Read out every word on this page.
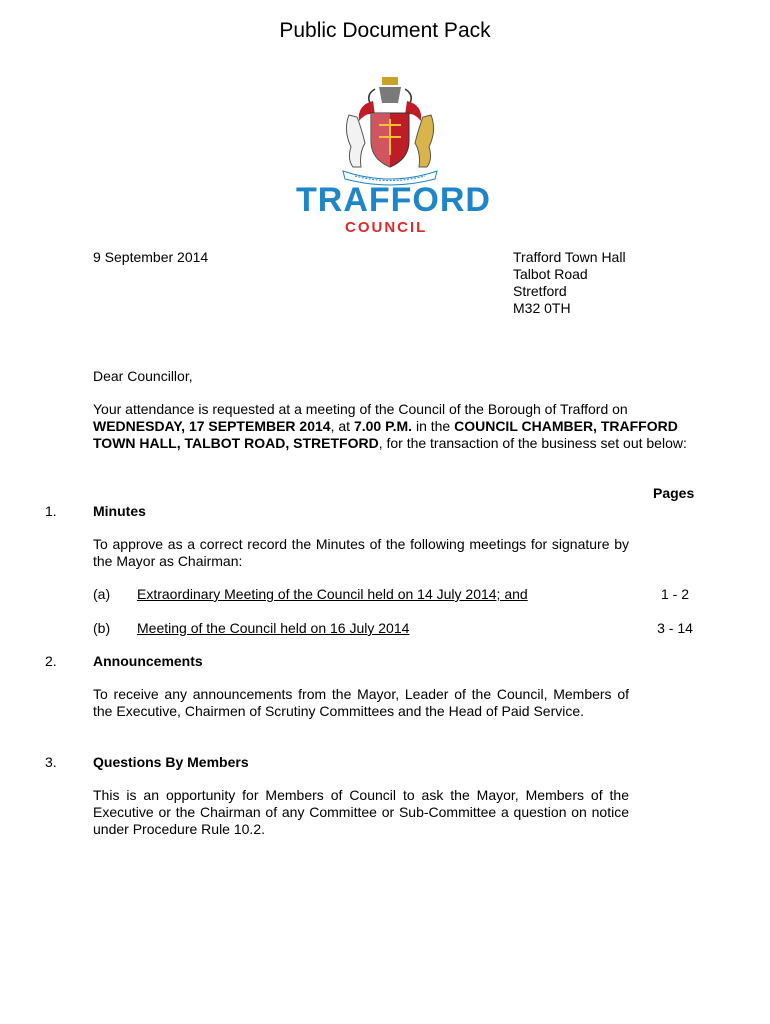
Public Document Pack
TRAFFORD
COUNCIL
9 September 2014	Trafford Town Hall
Talbot Road
Stretford
M32 0TH
Dear Councillor,
Your attendance is requested at a meeting of the Council of the Borough of Trafford on WEDNESDAY, 17 SEPTEMBER 2014, at 7.00 P.M. in the COUNCIL CHAMBER, TRAFFORD TOWN HALL, TALBOT ROAD, STRETFORD, for the transaction of the business set out below:
Pages
1.	Minutes
To approve as a correct record the Minutes of the following meetings for signature by the Mayor as Chairman:
(a) Extraordinary Meeting of the Council held on 14 July 2014; and	1 - 2
(b) Meeting of the Council held on 16 July 2014	3 - 14
2.	Announcements
To receive any announcements from the Mayor, Leader of the Council, Members of the Executive, Chairmen of Scrutiny Committees and the Head of Paid Service.
3.	Questions By Members
This is an opportunity for Members of Council to ask the Mayor, Members of the Executive or the Chairman of any Committee or Sub-Committee a question on notice under Procedure Rule 10.2.
